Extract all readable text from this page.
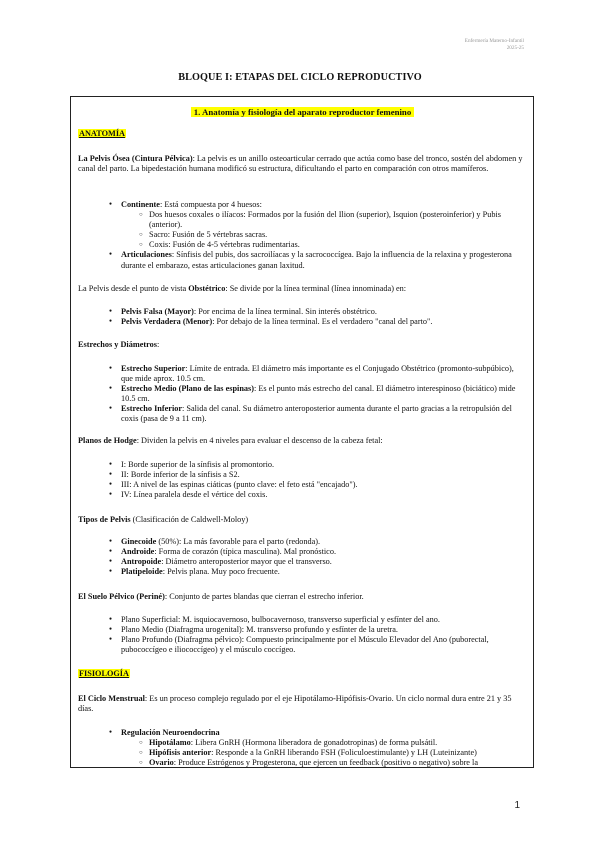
Enfermería Materno-Infantil
2025-25
BLOQUE I: ETAPAS DEL CICLO REPRODUCTIVO
1. Anatomía y fisiología del aparato reproductor femenino
ANATOMÍA

La Pelvis Ósea (Cintura Pélvica): La pelvis es un anillo osteoarticular cerrado que actúa como base del tronco, sostén del abdomen y canal del parto. La bipedestación humana modificó su estructura, dificultando el parto en comparación con otros mamíferos.

● Continente: Está compuesta por 4 huesos:
○ Dos huesos coxales o ilíacos: Formados por la fusión del Ilion (superior), Isquion (posteroinferior) y Pubis (anterior).
○ Sacro: Fusión de 5 vértebras sacras.
○ Coxis: Fusión de 4-5 vértebras rudimentarias.
● Articulaciones: Sínfisis del pubis, dos sacroilíacas y la sacrococcígea. Bajo la influencia de la relaxina y progesterona durante el embarazo, estas articulaciones ganan laxitud.

La Pelvis desde el punto de vista Obstétrico: Se divide por la línea terminal (línea innominada) en:

● Pelvis Falsa (Mayor): Por encima de la línea terminal. Sin interés obstétrico.
● Pelvis Verdadera (Menor): Por debajo de la línea terminal. Es el verdadero "canal del parto".

Estrechos y Diámetros:

● Estrecho Superior: Límite de entrada. El diámetro más importante es el Conjugado Obstétrico (promonto-subpúbico), que mide aprox. 10.5 cm.
● Estrecho Medio (Plano de las espinas): Es el punto más estrecho del canal. El diámetro interespinoso (biciático) mide 10.5 cm.
● Estrecho Inferior: Salida del canal. Su diámetro anteroposterior aumenta durante el parto gracias a la retropulsión del coxis (pasa de 9 a 11 cm).

Planos de Hodge: Dividen la pelvis en 4 niveles para evaluar el descenso de la cabeza fetal:

● I: Borde superior de la sínfisis al promontorio.
● II: Borde inferior de la sínfisis a S2.
● III: A nivel de las espinas ciáticas (punto clave: el feto está "encajado").
● IV: Línea paralela desde el vértice del coxis.

Tipos de Pelvis (Clasificación de Caldwell-Moloy)

● Ginecoide (50%): La más favorable para el parto (redonda).
● Androide: Forma de corazón (típica masculina). Mal pronóstico.
● Antropoide: Diámetro anteroposterior mayor que el transverso.
● Platipeloide: Pelvis plana. Muy poco frecuente.

El Suelo Pélvico (Periné): Conjunto de partes blandas que cierran el estrecho inferior.

● Plano Superficial: M. isquiocavernoso, bulbocavernoso, transverso superficial y esfínter del ano.
● Plano Medio (Diafragma urogenital): M. transverso profundo y esfínter de la uretra.
● Plano Profundo (Diafragma pélvico): Compuesto principalmente por el Músculo Elevador del Ano (puborectal, pubococcígeo e iliococcígeo) y el músculo coccígeo.
FISIOLOGÍA

El Ciclo Menstrual: Es un proceso complejo regulado por el eje Hipotálamo-Hipófisis-Ovario. Un ciclo normal dura entre 21 y 35 días.

● Regulación Neuroendocrina
○ Hipotálamo: Libera GnRH (Hormona liberadora de gonadotropinas) de forma pulsátil.
○ Hipófisis anterior: Responde a la GnRH liberando FSH (Foliculoestimulante) y LH (Luteinizante)
○ Ovario: Produce Estrógenos y Progesterona, que ejercen un feedback (positivo o negativo) sobre la
1
